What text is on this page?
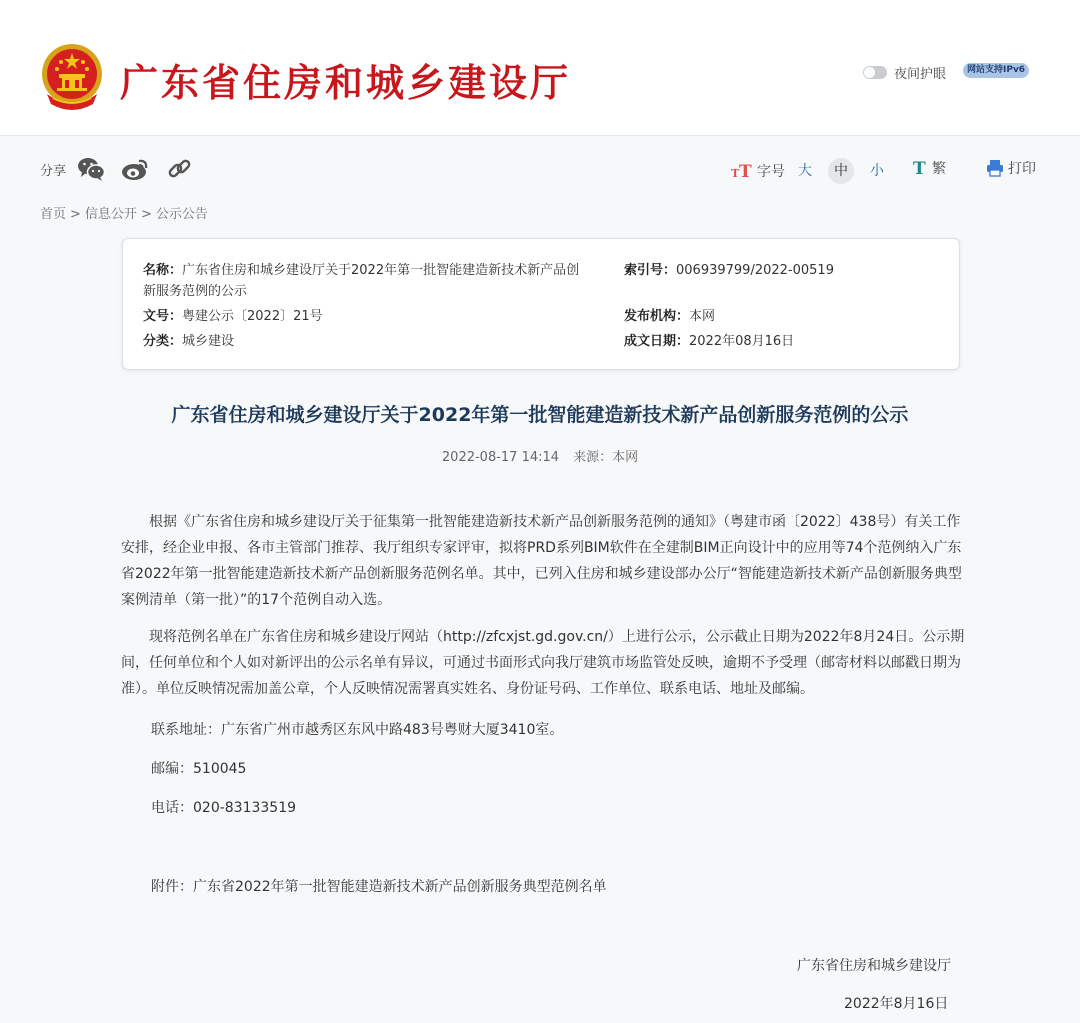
广东省住房和城乡建设厅	夜间护眼	网站支持IPv6
分享	T T 字号 大	中	小	T 繁	打印
首页 > 信息公开 > 公示公告
名称：广东省住房和城乡建设厅关于2022年第一批智能建造新技术新产品创
新服务范例的公示
索引号：006939799/2022-00519
文号：粤建公示〔2022〕21号	发布机构：本网
分类：城乡建设	成文日期：2022年08月16日
广东省住房和城乡建设厅关于2022年第一批智能建造新技术新产品创新服务范例的公示
2022-08-17 14:14 来源：本网

根据《广东省住房和城乡建设厅关于征集第一批智能建造新技术新产品创新服务范例的通知》（粤建市函〔2022〕438号）有关工作安排，经企业申报、各市主管部门推荐、我厅组织专家评审，拟将PRD系列BIM软件在全建制BIM正向设计中的应用等74个范例纳入广东省2022年第一批智能建造新技术新产品创新服务范例名单。其中，已列入住房和城乡建设部办公厅“智能建造新技术新产品创新服务典型案例清单（第一批）”的17个范例自动入选。

现将范例名单在广东省住房和城乡建设厅网站（http://zfcxjst.gd.gov.cn/）上进行公示，公示截止日期为2022年8月24日。公示期间，任何单位和个人如对新评出的公示名单有异议，可通过书面形式向我厅建筑市场监管处反映，逾期不予受理（邮寄材料以邮戳日期为准）。单位反映情况需加盖公章，个人反映情况需署真实姓名、身份证号码、工作单位、联系电话、地址及邮编。

联系地址：广东省广州市越秀区东风中路483号粤财大厦3410室。
邮编：510045
电话：020-83133519
附件：广东省2022年第一批智能建造新技术新产品创新服务典型范例名单
广东省住房和城乡建设厅
2022年8月16日
